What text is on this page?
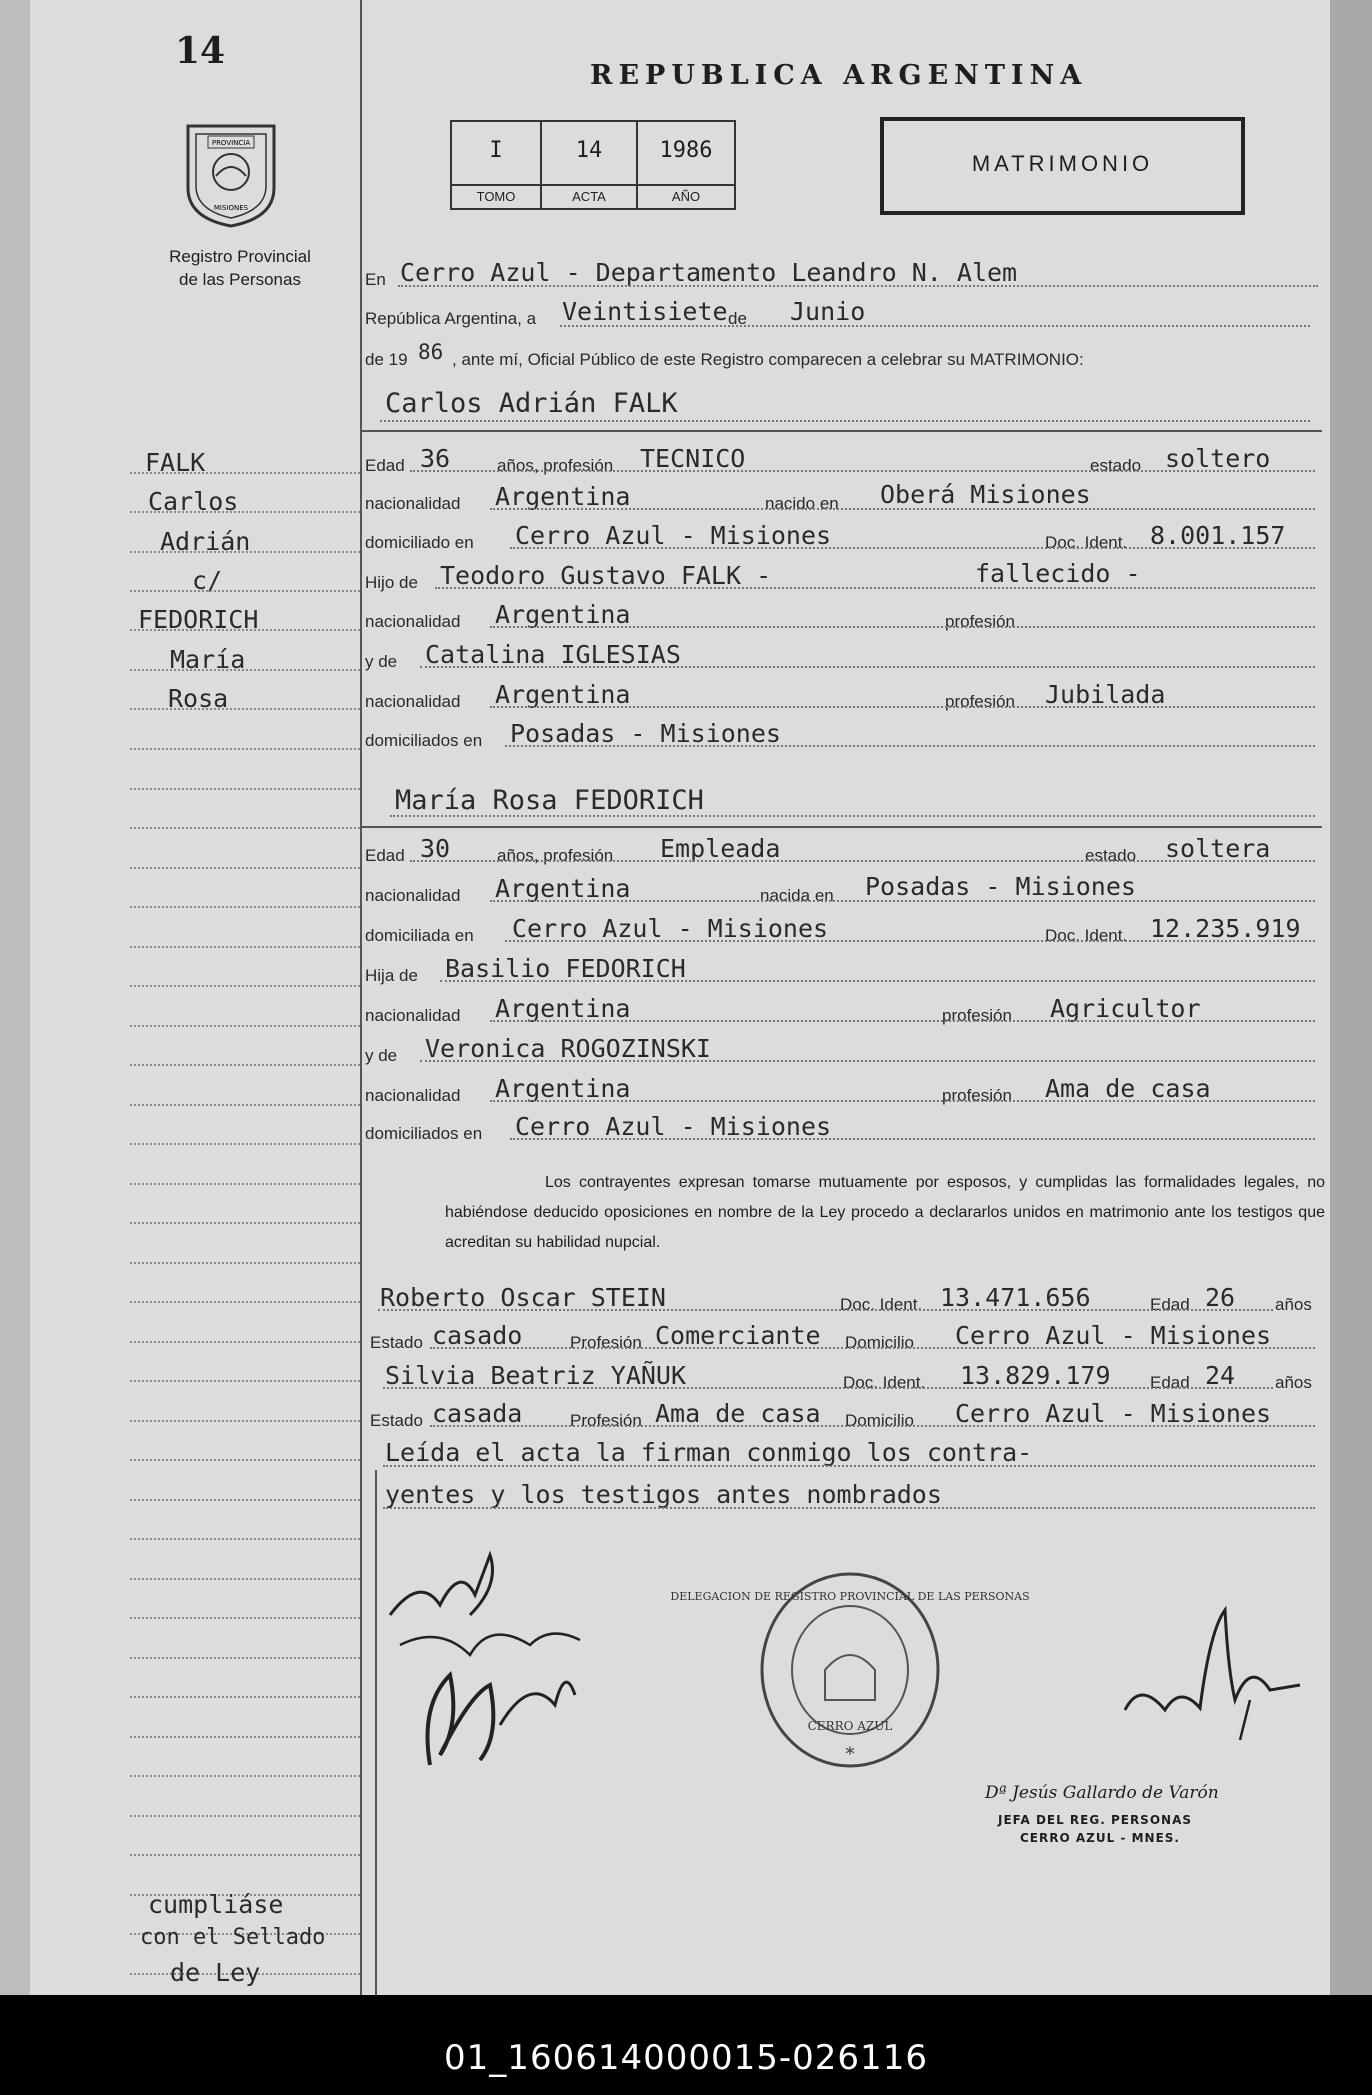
14
PROVINCIA
MISIONES
Registro Provincial
de las Personas
REPUBLICA ARGENTINA
I
TOMO
14
ACTA
1986
AÑO
MATRIMONIO
En Cerro Azul - Departamento Leandro N. Alem
República Argentina, a Veintisiete de Junio
de 19 86 , ante mí, Oficial Público de este Registro comparecen a celebrar su MATRIMONIO:
Carlos Adrián FALK
Edad 36	años, profesión TECNICO	estado soltero
nacionalidad Argentina	nacido en Oberá Misiones
domiciliado en Cerro Azul - Misiones	Doc. Ident. 8.001.157
Hijo de Teodoro Gustavo FALK -	fallecido -
nacionalidad Argentina	profesión
y de Catalina IGLESIAS
nacionalidad Argentina	profesión Jubilada
domiciliados en Posadas - Misiones
María Rosa FEDORICH
Edad 30	años, profesión Empleada	estado soltera
nacionalidad Argentina	nacida en Posadas - Misiones
domiciliada en Cerro Azul - Misiones	Doc. Ident. 12.235.919
Hija de Basilio FEDORICH
nacionalidad Argentina	profesión Agricultor
y de Veronica ROGOZINSKI
nacionalidad Argentina	profesión Ama de casa
domiciliados en Cerro Azul - Misiones
Los contrayentes expresan tomarse mutuamente por esposos, y cumplidas las formalidades legales, no habiéndose deducido oposiciones en nombre de la Ley procedo a declararlos unidos en matrimonio ante los testigos que acreditan su habilidad nupcial.
Roberto Oscar STEIN	Doc. Ident. 13.471.656	Edad 26 años
Estado casado	Profesión Comerciante Domicilio Cerro Azul - Misiones
Silvia Beatriz YAÑUK	Doc. Ident. 13.829.179 Edad 24 años
Estado casada	Profesión Ama de casa Domicilio Cerro Azul - Misiones
Leída el acta la firman conmigo los contra-
yentes y los testigos antes nombrados
DELEGACION DE REGISTRO PROVINCIAL DE LAS PERSONAS
CERRO AZUL
*
Dª Jesús Gallardo de Varón
JEFA DEL REG. PERSONAS
CERRO AZUL - MNES.
FALK
Carlos
Adrián
c/
FEDORICH
María
Rosa
cumpliáse
con el Sellado
de Ley
01_160614000015-026116
